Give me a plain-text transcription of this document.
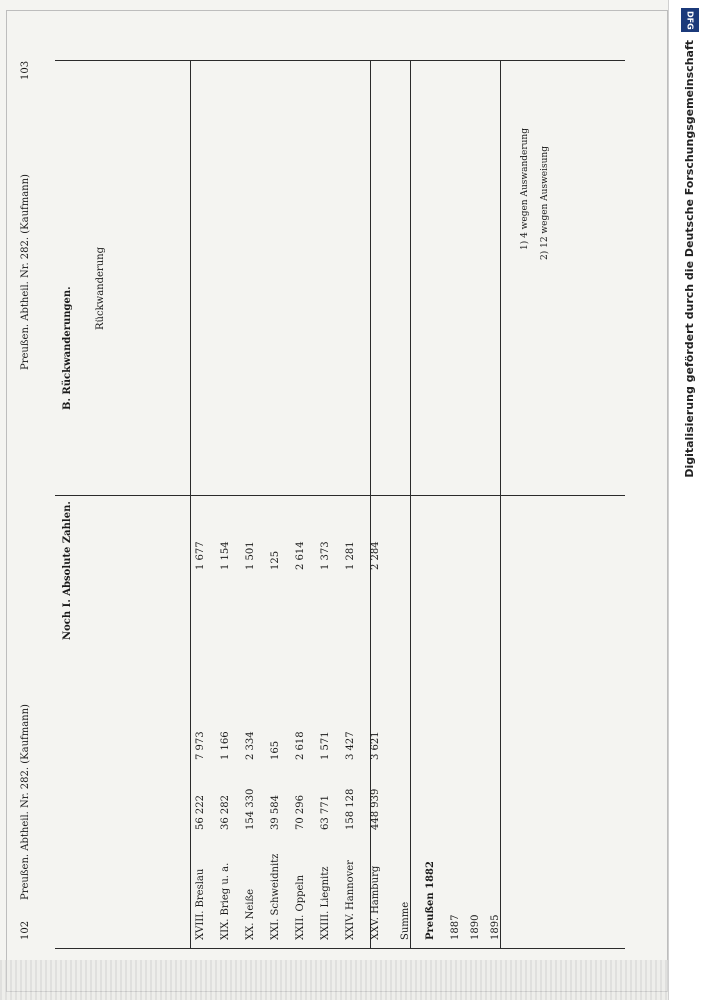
102
Preußen. Abtheil. Nr. 282. (Kaufmann)
Preußen. Abtheil. Nr. 282. (Kaufmann)
103
Noch I. Absolute Zahlen.
B. Rückwanderungen.
XVIII. Breslau XIX. Brieg u. a. XX. Neiße XXI. Schweidnitz XXII. Oppeln XXIII. Liegnitz XXIV. Hannover XXV. Hamburg
56 222 36 282 154 330 39 584 70 296 63 771 158 128 448 939
7 973 1 166 2 334 165 2 618 1 571 3 427 3 621
1 677 1 154 1 501 125 2 614 1 373 1 281 2 284
Summe Preußen 1882 1887 1890 1895
Rückwanderung
1) 4 wegen Auswanderung 2) 12 wegen Ausweisung
DFG
Digitalisierung gefördert durch die Deutsche Forschungsgemeinschaft
